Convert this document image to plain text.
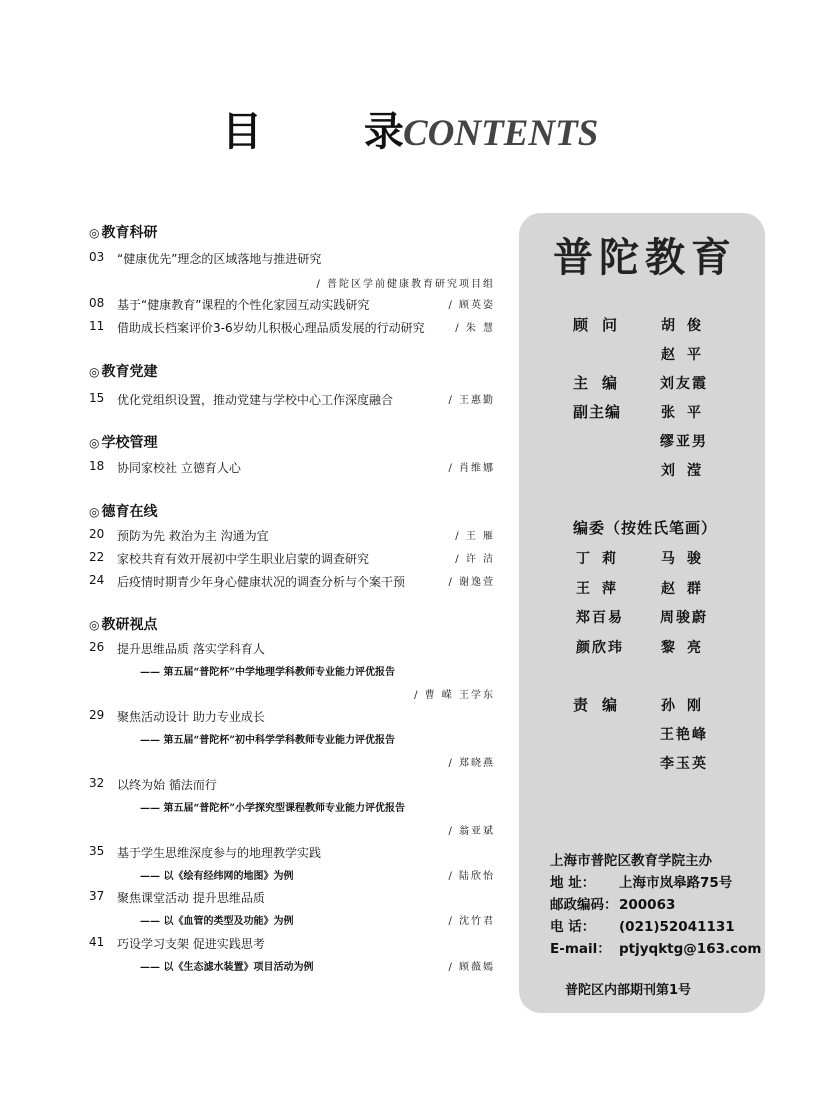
目 录
CONTENTS
◎ 教育科研
03 “健康优先”理念的区域落地与推进研究
/ 普陀区学前健康教育研究项目组
08 基于“健康教育”课程的个性化家园互动实践研究	/ 顾英姿
11 借助成长档案评价3-6岁幼儿积极心理品质发展的行动研究	/ 朱 慧
◎ 教育党建
15 优化党组织设置，推动党建与学校中心工作深度融合	/ 王惠勤
◎ 学校管理
18 协同家校社 立德育人心	/ 肖维娜
◎ 德育在线
20 预防为先 救治为主 沟通为宜	/ 王 雁
22 家校共育有效开展初中学生职业启蒙的调查研究	/ 许 洁
24 后疫情时期青少年身心健康状况的调查分析与个案干预	/ 谢逸萱
◎ 教研视点
26 提升思维品质 落实学科育人
—— 第五届“普陀杯”中学地理学科教师专业能力评优报告
/ 曹 嵘 王学东
29 聚焦活动设计 助力专业成长
—— 第五届“普陀杯”初中科学学科教师专业能力评优报告
/ 郑晓燕
32 以终为始 循法而行
—— 第五届“普陀杯”小学探究型课程教师专业能力评优报告
/ 翁亚斌
35 基于学生思维深度参与的地理教学实践
—— 以《绘有经纬网的地图》为例	/ 陆欣怡
37 聚焦课堂活动 提升思维品质
—— 以《血管的类型及功能》为例	/ 沈竹君
41 巧设学习支架 促进实践思考
—— 以《生态滤水装置》项目活动为例	/ 顾薇嫣
普陀教育
顾问 胡俊
赵平
主编 刘友霞
副主编	张平
缪亚男
刘滢
编委（按姓氏笔画）
丁莉 马骏
王萍 赵群
郑百易	周骏蔚
颜欣玮	黎亮
责编 孙刚
王艳峰
李玉英
上海市普陀区教育学院主办
地 址： 上海市岚皋路75号
邮政编码： 200063
电 话： (021)52041131
E-mail： ptjyqktg@163.com
普陀区内部期刊第1号
